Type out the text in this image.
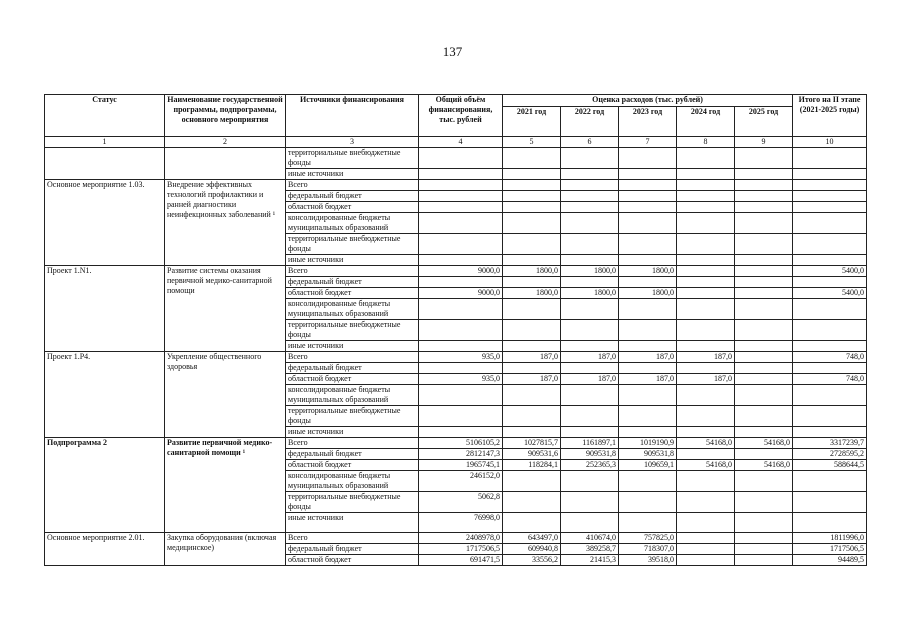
137
Статус	Наименование государственной программы, подпрограммы, основного мероприятия	Источники финансирования	Общий объём финансирования, тыс. рублей	Оценка расходов (тыс. рублей)					Итого на II этапе (2021-2025 годы)
				2021 год	2022 год	2023 год	2024 год	2025 год	
1	2	3	4	5	6	7	8	9	10
		территориальные внебюджетные фонды							
		иные источники							
Основное мероприятие 1.03.	Внедрение эффективных технологий профилактики и ранней диагностики неинфекционных заболеваний ¹	Всего							
		федеральный бюджет							
		областной бюджет							
		консолидированные бюджеты муниципальных образований							
		территориальные внебюджетные фонды							
		иные источники							
Проект 1.N1.	Развитие системы оказания первичной медико-санитарной помощи	Всего	9000,0	1800,0	1800,0	1800,0			5400,0
		федеральный бюджет							
		областной бюджет	9000,0	1800,0	1800,0	1800,0			5400,0
		консолидированные бюджеты муниципальных образований							
		территориальные внебюджетные фонды							
		иные источники							
Проект 1.Р4.	Укрепление общественного здоровья	Всего	935,0	187,0	187,0	187,0	187,0		748,0
		федеральный бюджет							
		областной бюджет	935,0	187,0	187,0	187,0	187,0		748,0
		консолидированные бюджеты муниципальных образований							
		территориальные внебюджетные фонды							
		иные источники							
Подпрограмма 2	Развитие первичной медико-санитарной помощи ¹	Всего	5106105,2	1027815,7	1161897,1	1019190,9	54168,0	54168,0	3317239,7
		федеральный бюджет	2812147,3	909531,6	909531,8	909531,8			2728595,2
		областной бюджет	1965745,1	118284,1	252365,3	109659,1	54168,0	54168,0	588644,5
		консолидированные бюджеты муниципальных образований	246152,0						
		территориальные внебюджетные фонды	5062,8						
		иные источники	76998,0						
Основное мероприятие 2.01.	Закупка оборудования (включая медицинское)	Всего	2408978,0	643497,0	410674,0	757825,0			1811996,0
		федеральный бюджет	1717506,5	609940,8	389258,7	718307,0			1717506,5
		областной бюджет	691471,5	33556,2	21415,3	39518,0			94489,5
